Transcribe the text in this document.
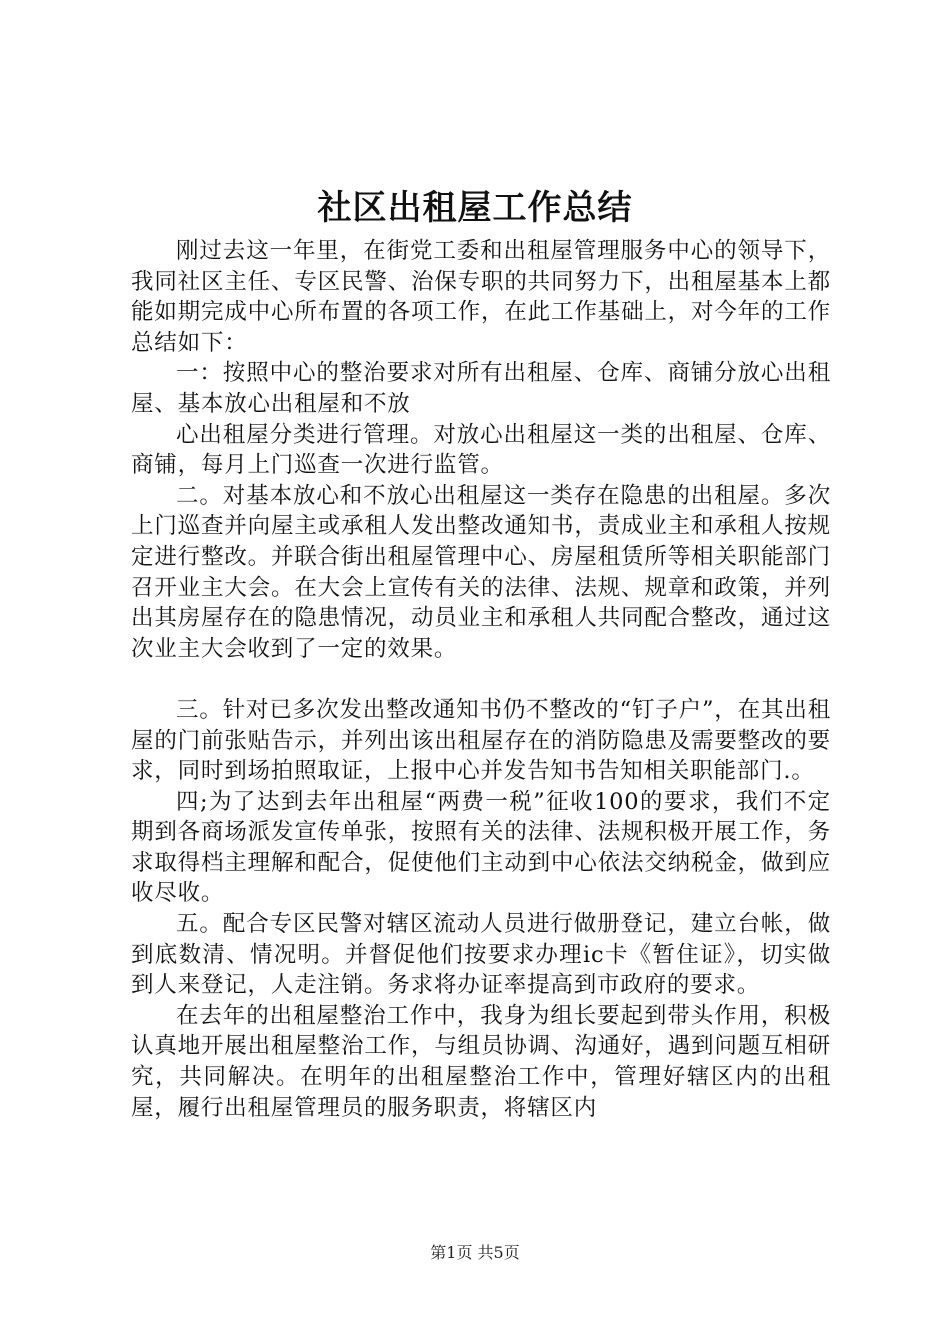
社区出租屋工作总结

刚过去这一年里，在街党工委和出租屋管理服务中心的领导下，我同社区主任、专区民警、治保专职的共同努力下，出租屋基本上都能如期完成中心所布置的各项工作，在此工作基础上，对今年的工作总结如下：

一：按照中心的整治要求对所有出租屋、仓库、商铺分放心出租屋、基本放心出租屋和不放

心出租屋分类进行管理。对放心出租屋这一类的出租屋、仓库、商铺，每月上门巡查一次进行监管。

二。对基本放心和不放心出租屋这一类存在隐患的出租屋。多次上门巡查并向屋主或承租人发出整改通知书，责成业主和承租人按规定进行整改。并联合街出租屋管理中心、房屋租赁所等相关职能部门召开业主大会。在大会上宣传有关的法律、法规、规章和政策，并列出其房屋存在的隐患情况，动员业主和承租人共同配合整改，通过这次业主大会收到了一定的效果。

三。针对已多次发出整改通知书仍不整改的“钉子户”，在其出租屋的门前张贴告示，并列出该出租屋存在的消防隐患及需要整改的要求，同时到场拍照取证，上报中心并发告知书告知相关职能部门.。

四;为了达到去年出租屋“两费一税”征收100的要求，我们不定期到各商场派发宣传单张，按照有关的法律、法规积极开展工作，务求取得档主理解和配合，促使他们主动到中心依法交纳税金，做到应收尽收。

五。配合专区民警对辖区流动人员进行做册登记，建立台帐，做到底数清、情况明。并督促他们按要求办理ic卡《暂住证》，切实做到人来登记，人走注销。务求将办证率提高到市政府的要求。

在去年的出租屋整治工作中，我身为组长要起到带头作用，积极认真地开展出租屋整治工作，与组员协调、沟通好，遇到问题互相研究，共同解决。在明年的出租屋整治工作中，管理好辖区内的出租屋，履行出租屋管理员的服务职责，将辖区内

第1页 共5页
